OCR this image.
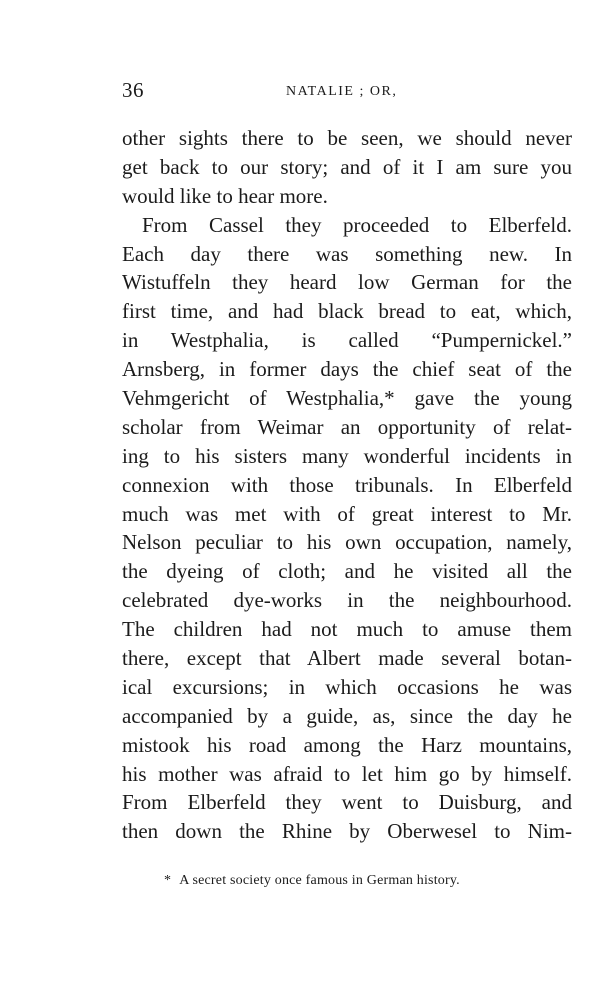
36	NATALIE ; OR,
other sights there to be seen, we should never
get back to our story; and of it I am sure you
would like to hear more.
From Cassel they proceeded to Elberfeld.
Each day there was something new. In
Wistuffeln they heard low German for the
first time, and had black bread to eat, which,
in Westphalia, is called “Pumpernickel.”
Arnsberg, in former days the chief seat of the
Vehmgericht of Westphalia,* gave the young
scholar from Weimar an opportunity of relat-
ing to his sisters many wonderful incidents in
connexion with those tribunals. In Elberfeld
much was met with of great interest to Mr.
Nelson peculiar to his own occupation, namely,
the dyeing of cloth; and he visited all the
celebrated dye-works in the neighbourhood.
The children had not much to amuse them
there, except that Albert made several botan-
ical excursions; in which occasions he was
accompanied by a guide, as, since the day he
mistook his road among the Harz mountains,
his mother was afraid to let him go by himself.
From Elberfeld they went to Duisburg, and
then down the Rhine by Oberwesel to Nim-
* A secret society once famous in German history.
